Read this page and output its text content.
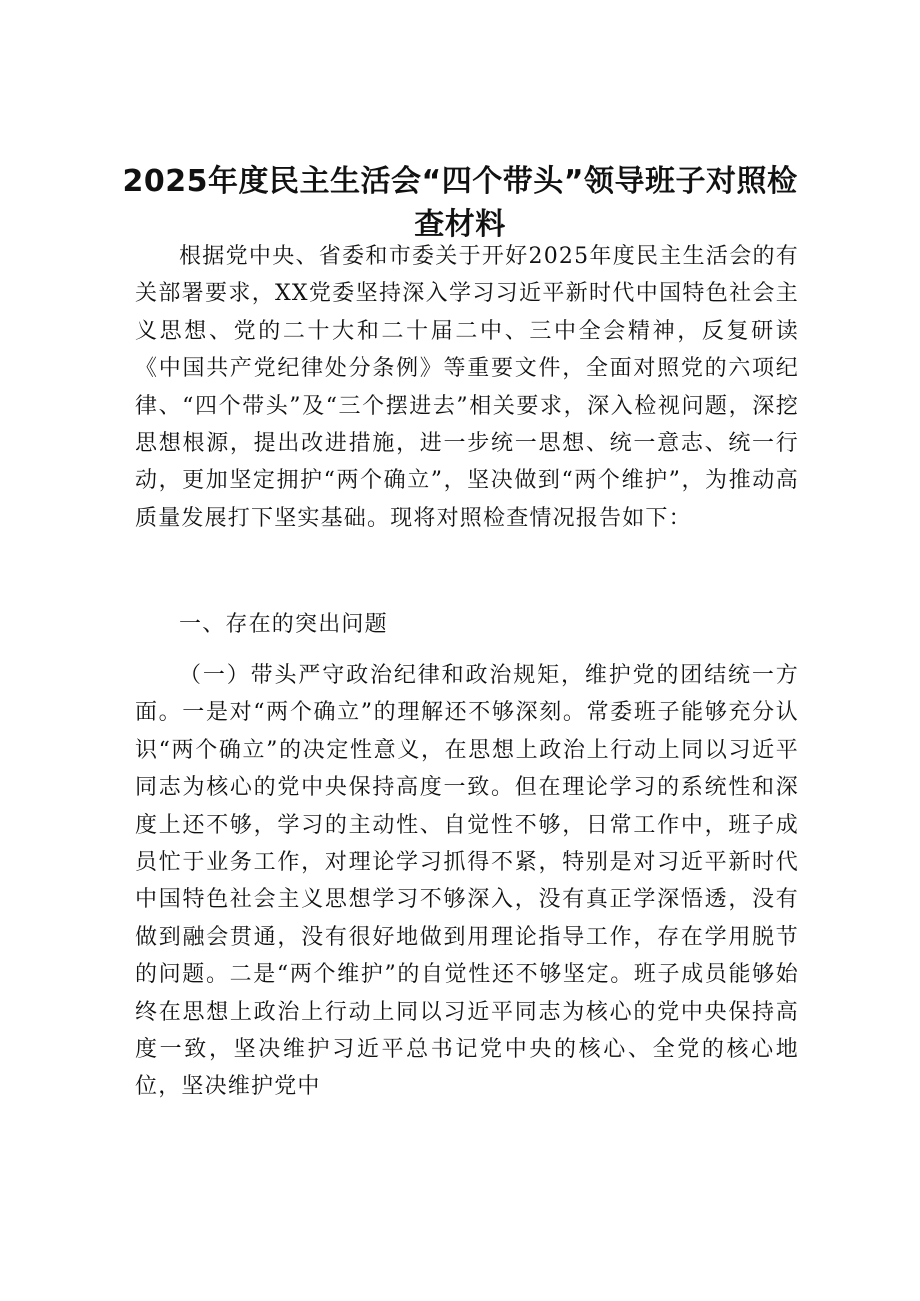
2025年度民主生活会“四个带头”领导班子对照检查材料

根据党中央、省委和市委关于开好2025年度民主生活会的有关部署要求，XX党委坚持深入学习习近平新时代中国特色社会主义思想、党的二十大和二十届二中、三中全会精神，反复研读《中国共产党纪律处分条例》等重要文件，全面对照党的六项纪律、“四个带头”及“三个摆进去”相关要求，深入检视问题，深挖思想根源，提出改进措施，进一步统一思想、统一意志、统一行动，更加坚定拥护“两个确立”，坚决做到“两个维护”，为推动高质量发展打下坚实基础。现将对照检查情况报告如下：

一、存在的突出问题

（一）带头严守政治纪律和政治规矩，维护党的团结统一方面。一是对“两个确立”的理解还不够深刻。常委班子能够充分认识“两个确立”的决定性意义，在思想上政治上行动上同以习近平同志为核心的党中央保持高度一致。但在理论学习的系统性和深度上还不够，学习的主动性、自觉性不够，日常工作中，班子成员忙于业务工作，对理论学习抓得不紧，特别是对习近平新时代中国特色社会主义思想学习不够深入，没有真正学深悟透，没有做到融会贯通，没有很好地做到用理论指导工作，存在学用脱节的问题。二是“两个维护”的自觉性还不够坚定。班子成员能够始终在思想上政治上行动上同以习近平同志为核心的党中央保持高度一致，坚决维护习近平总书记党中央的核心、全党的核心地位，坚决维护党中
